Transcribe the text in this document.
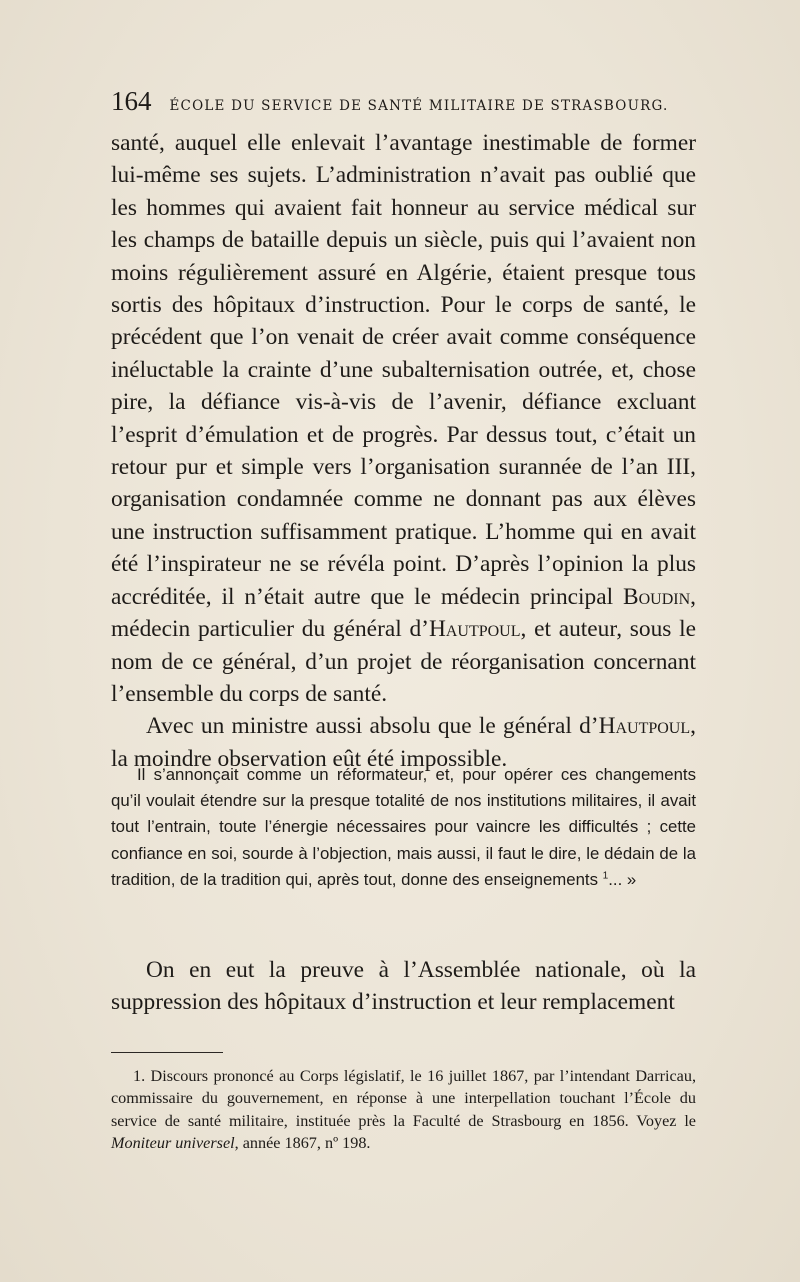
164 ÉCOLE DU SERVICE DE SANTÉ MILITAIRE DE STRASBOURG.

santé, auquel elle enlevait l’avantage inestimable de former lui-même ses sujets. L’administration n’avait pas oublié que les hommes qui avaient fait honneur au service médical sur les champs de bataille depuis un siècle, puis qui l’avaient non moins régulièrement assuré en Algérie, étaient presque tous sortis des hôpitaux d’instruction. Pour le corps de santé, le précédent que l’on venait de créer avait comme conséquence inéluctable la crainte d’une subalternisation outrée, et, chose pire, la défiance vis-à-vis de l’avenir, défiance excluant l’esprit d’émulation et de progrès. Par dessus tout, c’était un retour pur et simple vers l’organisation surannée de l’an III, organisation condamnée comme ne donnant pas aux élèves une instruction suffisamment pratique. L’homme qui en avait été l’inspirateur ne se révéla point. D’après l’opinion la plus accréditée, il n’était autre que le médecin principal Boudin, médecin particulier du général d’Hautpoul, et auteur, sous le nom de ce général, d’un projet de réorganisation concernant l’ensemble du corps de santé.

Avec un ministre aussi absolu que le général d’Hautpoul, la moindre observation eût été impossible.

Il s’annonçait comme un réformateur, et, pour opérer ces changements qu’il voulait étendre sur la presque totalité de nos institutions militaires, il avait tout l’entrain, toute l’énergie nécessaires pour vaincre les difficultés ; cette confiance en soi, sourde à l’objection, mais aussi, il faut le dire, le dédain de la tradition, de la tradition qui, après tout, donne des enseignements $^1$... »

On en eut la preuve à l’Assemblée nationale, où la suppression des hôpitaux d’instruction et leur remplacement

1. Discours prononcé au Corps législatif, le 16 juillet 1867, par l’intendant Darricau, commissaire du gouvernement, en réponse à une interpellation touchant l’École du service de santé militaire, instituée près la Faculté de Strasbourg en 1856. Voyez le Moniteur universel, année 1867, nº 198.
